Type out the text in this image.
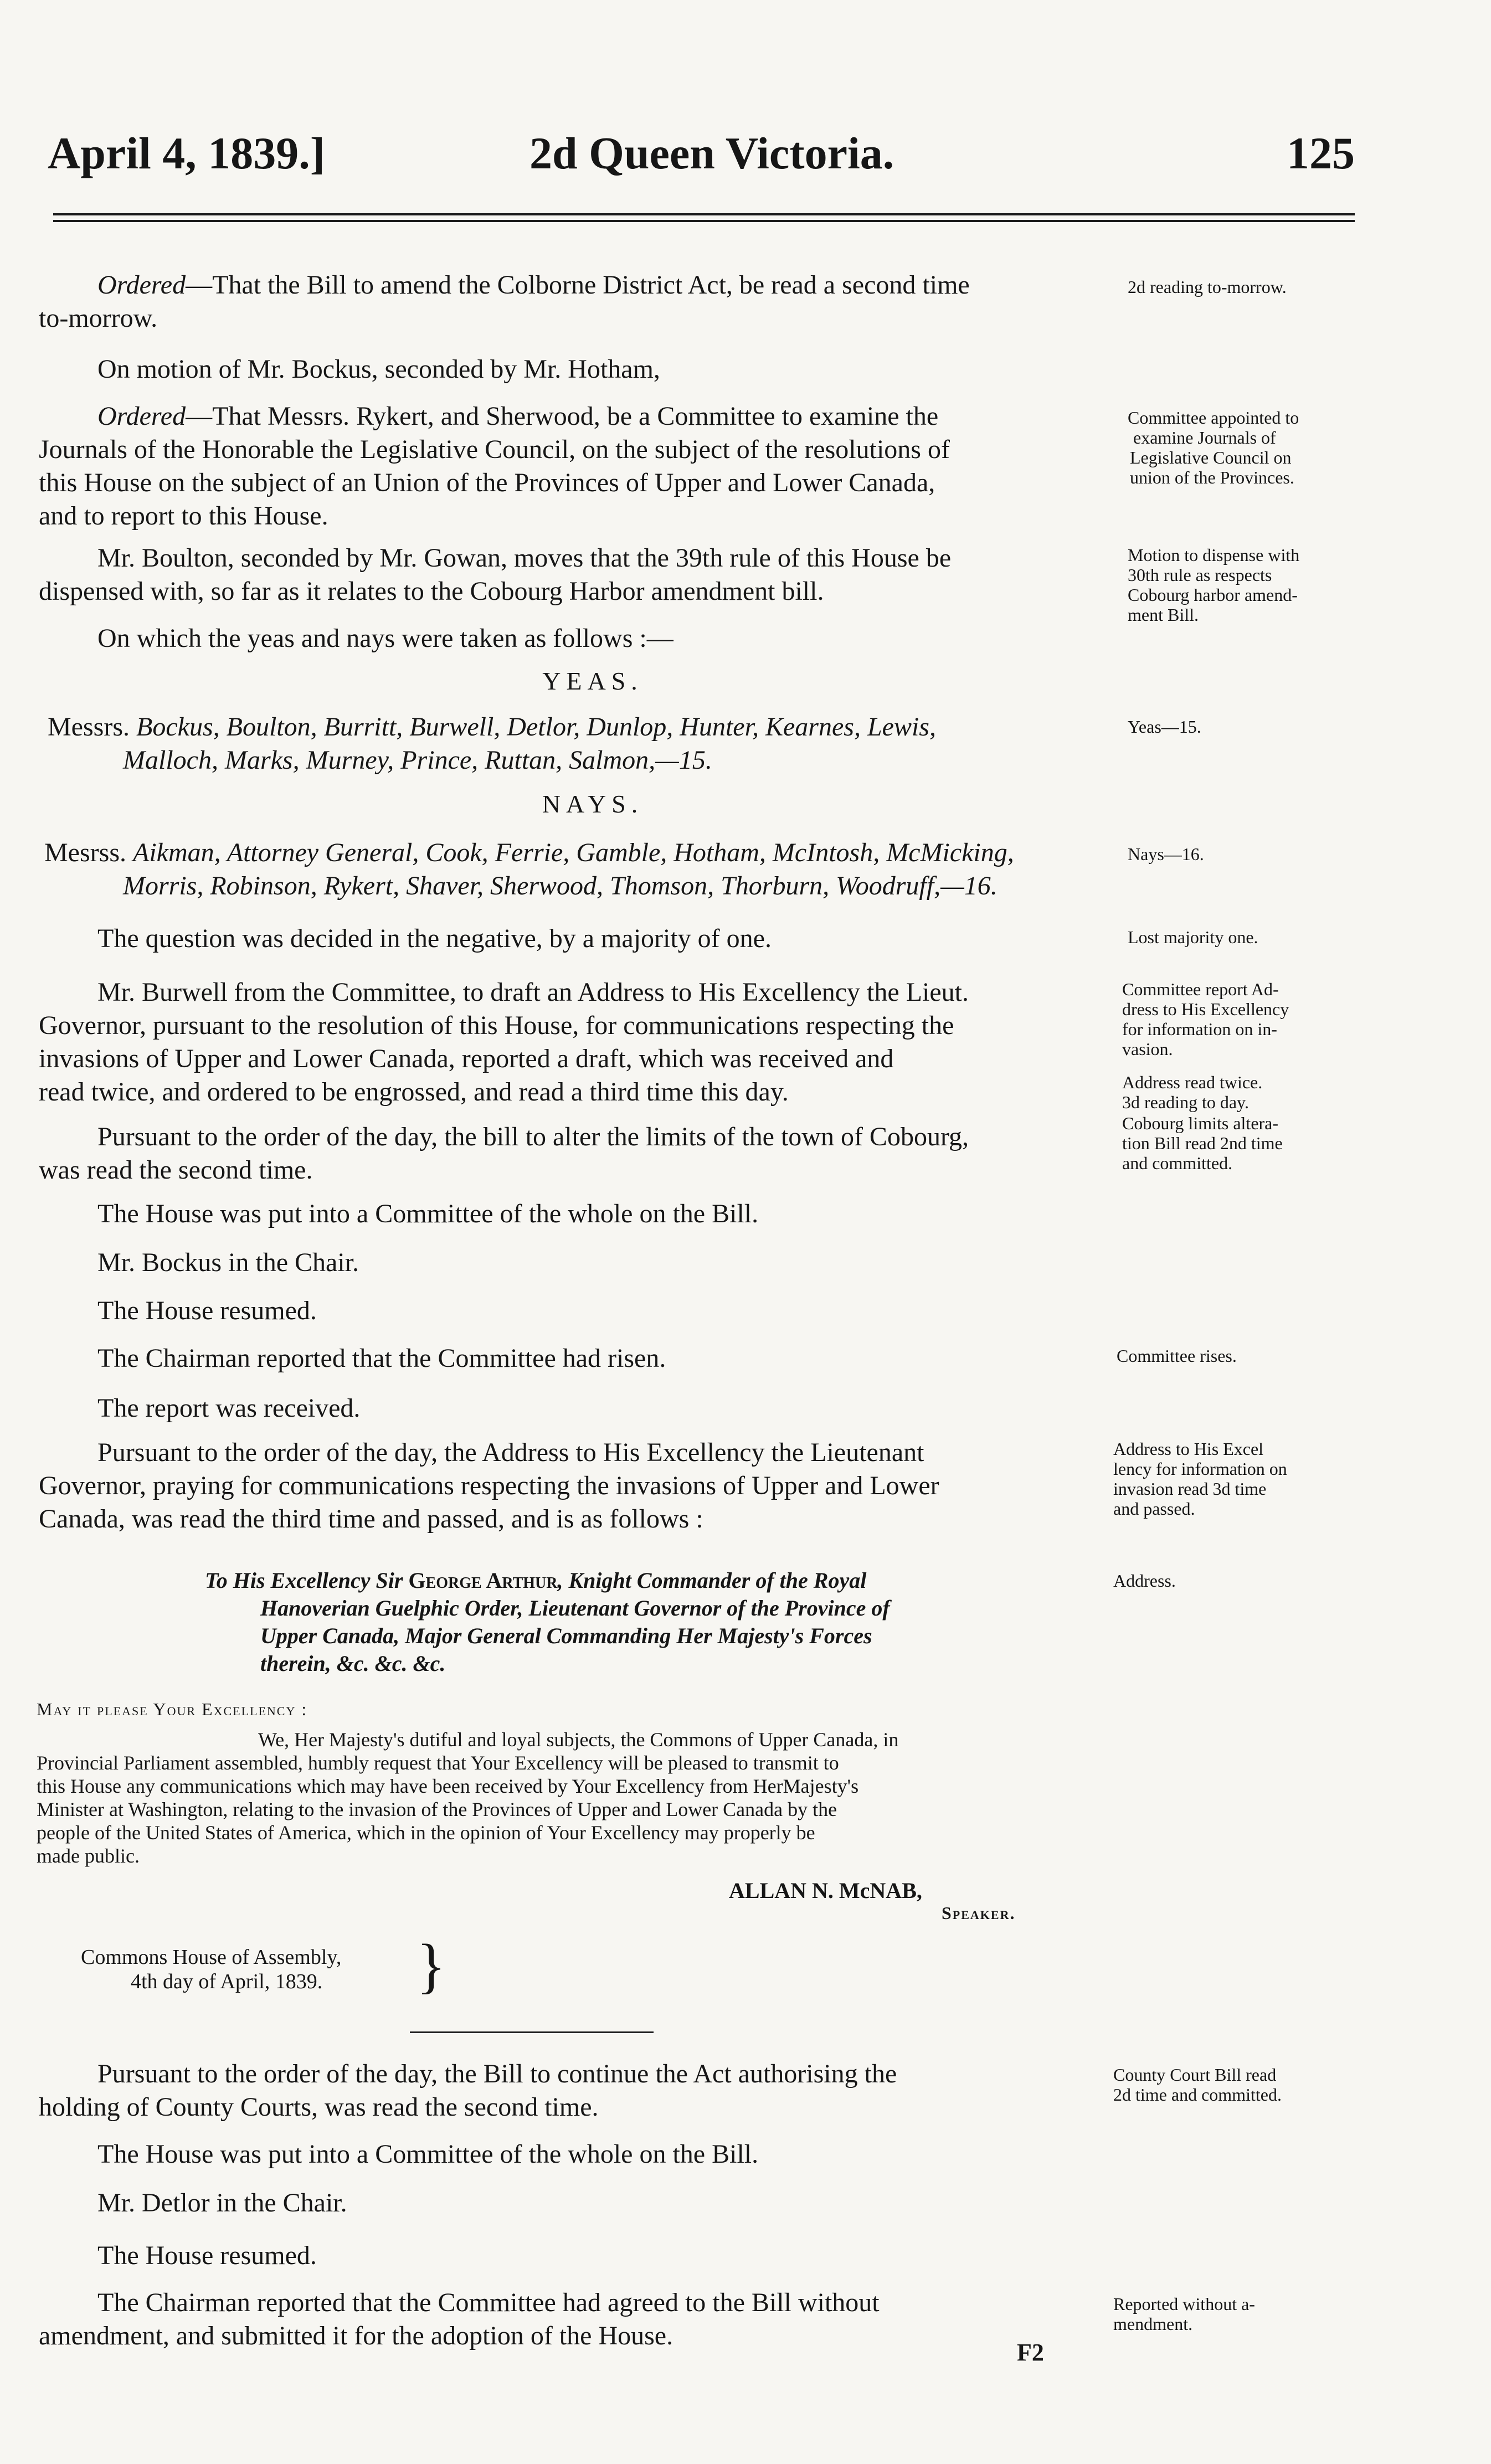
April 4, 1839.]	2d Queen Victoria.	125
Ordered—That the Bill to amend the Colborne District Act, be read a second time
to-morrow.
On motion of Mr. Bockus, seconded by Mr. Hotham,
Ordered—That Messrs. Rykert, and Sherwood, be a Committee to examine the
Journals of the Honorable the Legislative Council, on the subject of the resolutions of
this House on the subject of an Union of the Provinces of Upper and Lower Canada,
and to report to this House.
Mr. Boulton, seconded by Mr. Gowan, moves that the 39th rule of this House be
dispensed with, so far as it relates to the Cobourg Harbor amendment bill.
On which the yeas and nays were taken as follows :—
YEAS.
Messrs. Bockus, Boulton, Burritt, Burwell, Detlor, Dunlop, Hunter, Kearnes, Lewis,
Malloch, Marks, Murney, Prince, Ruttan, Salmon,—15.
NAYS.
Mesrss. Aikman, Attorney General, Cook, Ferrie, Gamble, Hotham, McIntosh, McMicking,
Morris, Robinson, Rykert, Shaver, Sherwood, Thomson, Thorburn, Woodruff,—16.
The question was decided in the negative, by a majority of one.
Mr. Burwell from the Committee, to draft an Address to His Excellency the Lieut.
Governor, pursuant to the resolution of this House, for communications respecting the
invasions of Upper and Lower Canada, reported a draft, which was received and
read twice, and ordered to be engrossed, and read a third time this day.
Pursuant to the order of the day, the bill to alter the limits of the town of Cobourg,
was read the second time.
The House was put into a Committee of the whole on the Bill.
Mr. Bockus in the Chair.
The House resumed.
The Chairman reported that the Committee had risen.
The report was received.
Pursuant to the order of the day, the Address to His Excellency the Lieutenant
Governor, praying for communications respecting the invasions of Upper and Lower
Canada, was read the third time and passed, and is as follows :
To His Excellency Sir George Arthur, Knight Commander of the Royal
Hanoverian Guelphic Order, Lieutenant Governor of the Province of
Upper Canada, Major General Commanding Her Majesty's Forces
therein, &c. &c. &c.
May it please Your Excellency :
We, Her Majesty's dutiful and loyal subjects, the Commons of Upper Canada, in
Provincial Parliament assembled, humbly request that Your Excellency will be pleased to transmit to
this House any communications which may have been received by Your Excellency from HerMajesty's
Minister at Washington, relating to the invasion of the Provinces of Upper and Lower Canada by the
people of the United States of America, which in the opinion of Your Excellency may properly be
made public.
ALLAN N. McNAB,
Speaker.
Commons House of Assembly,
4th day of April, 1839. }
Pursuant to the order of the day, the Bill to continue the Act authorising the
holding of County Courts, was read the second time.
The House was put into a Committee of the whole on the Bill.
Mr. Detlor in the Chair.
The House resumed.
The Chairman reported that the Committee had agreed to the Bill without
amendment, and submitted it for the adoption of the House.
F2
2d reading to-morrow.
Committee appointed to
examine Journals of
Legislative Council on
union of the Provinces.
Motion to dispense with
30th rule as respects
Cobourg harbor amend-
ment Bill.
Yeas—15.
Nays—16.
Lost majority one.
Committee report Ad-
dress to His Excellency
for information on in-
vasion.
Address read twice.
3d reading to day.
Cobourg limits altera-
tion Bill read 2nd time
and committed.
Committee rises.
Address to His Excel
lency for information on
invasion read 3d time
and passed.
Address.
County Court Bill read
2d time and committed.
Reported without a-
mendment.
